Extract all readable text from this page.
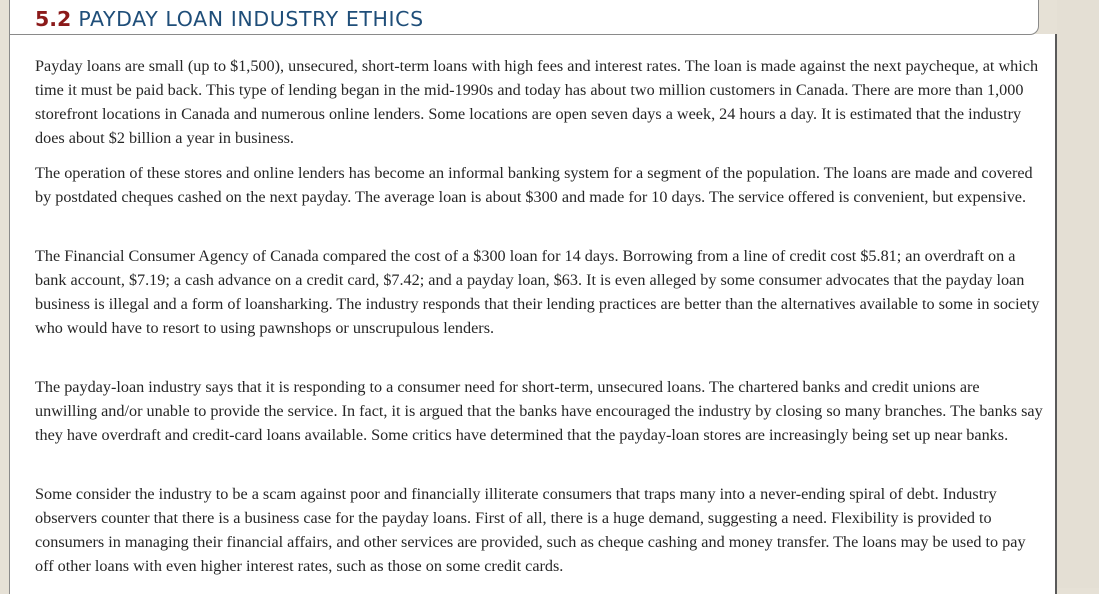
Payday loans are small (up to $1,500), unsecured, short-term loans with high fees and interest rates. The loan is made against the next paycheque, at which time it must be paid back. This type of lending began in the mid-1990s and today has about two million customers in Canada. There are more than 1,000 storefront locations in Canada and numerous online lenders. Some locations are open seven days a week, 24 hours a day. It is estimated that the industry does about $2 billion a year in business.

The operation of these stores and online lenders has become an informal banking system for a segment of the population. The loans are made and covered by postdated cheques cashed on the next payday. The average loan is about $300 and made for 10 days. The service offered is convenient, but expensive.

The Financial Consumer Agency of Canada compared the cost of a $300 loan for 14 days. Borrowing from a line of credit cost $5.81; an overdraft on a bank account, $7.19; a cash advance on a credit card, $7.42; and a payday loan, $63. It is even alleged by some consumer advocates that the payday loan business is illegal and a form of loansharking. The industry responds that their lending practices are better than the alternatives available to some in society who would have to resort to using pawnshops or unscrupulous lenders.

The payday-loan industry says that it is responding to a consumer need for short-term, unsecured loans. The chartered banks and credit unions are unwilling and/or unable to provide the service. In fact, it is argued that the banks have encouraged the industry by closing so many branches. The banks say they have overdraft and credit-card loans available. Some critics have determined that the payday-loan stores are increasingly being set up near banks.

Some consider the industry to be a scam against poor and financially illiterate consumers that traps many into a never-ending spiral of debt. Industry observers counter that there is a business case for the payday loans. First of all, there is a huge demand, suggesting a need. Flexibility is provided to consumers in managing their financial affairs, and other services are provided, such as cheque cashing and money transfer. The loans may be used to pay off other loans with even higher interest rates, such as those on some credit cards.

5.2 PAYDAY LOAN INDUSTRY ETHICS
